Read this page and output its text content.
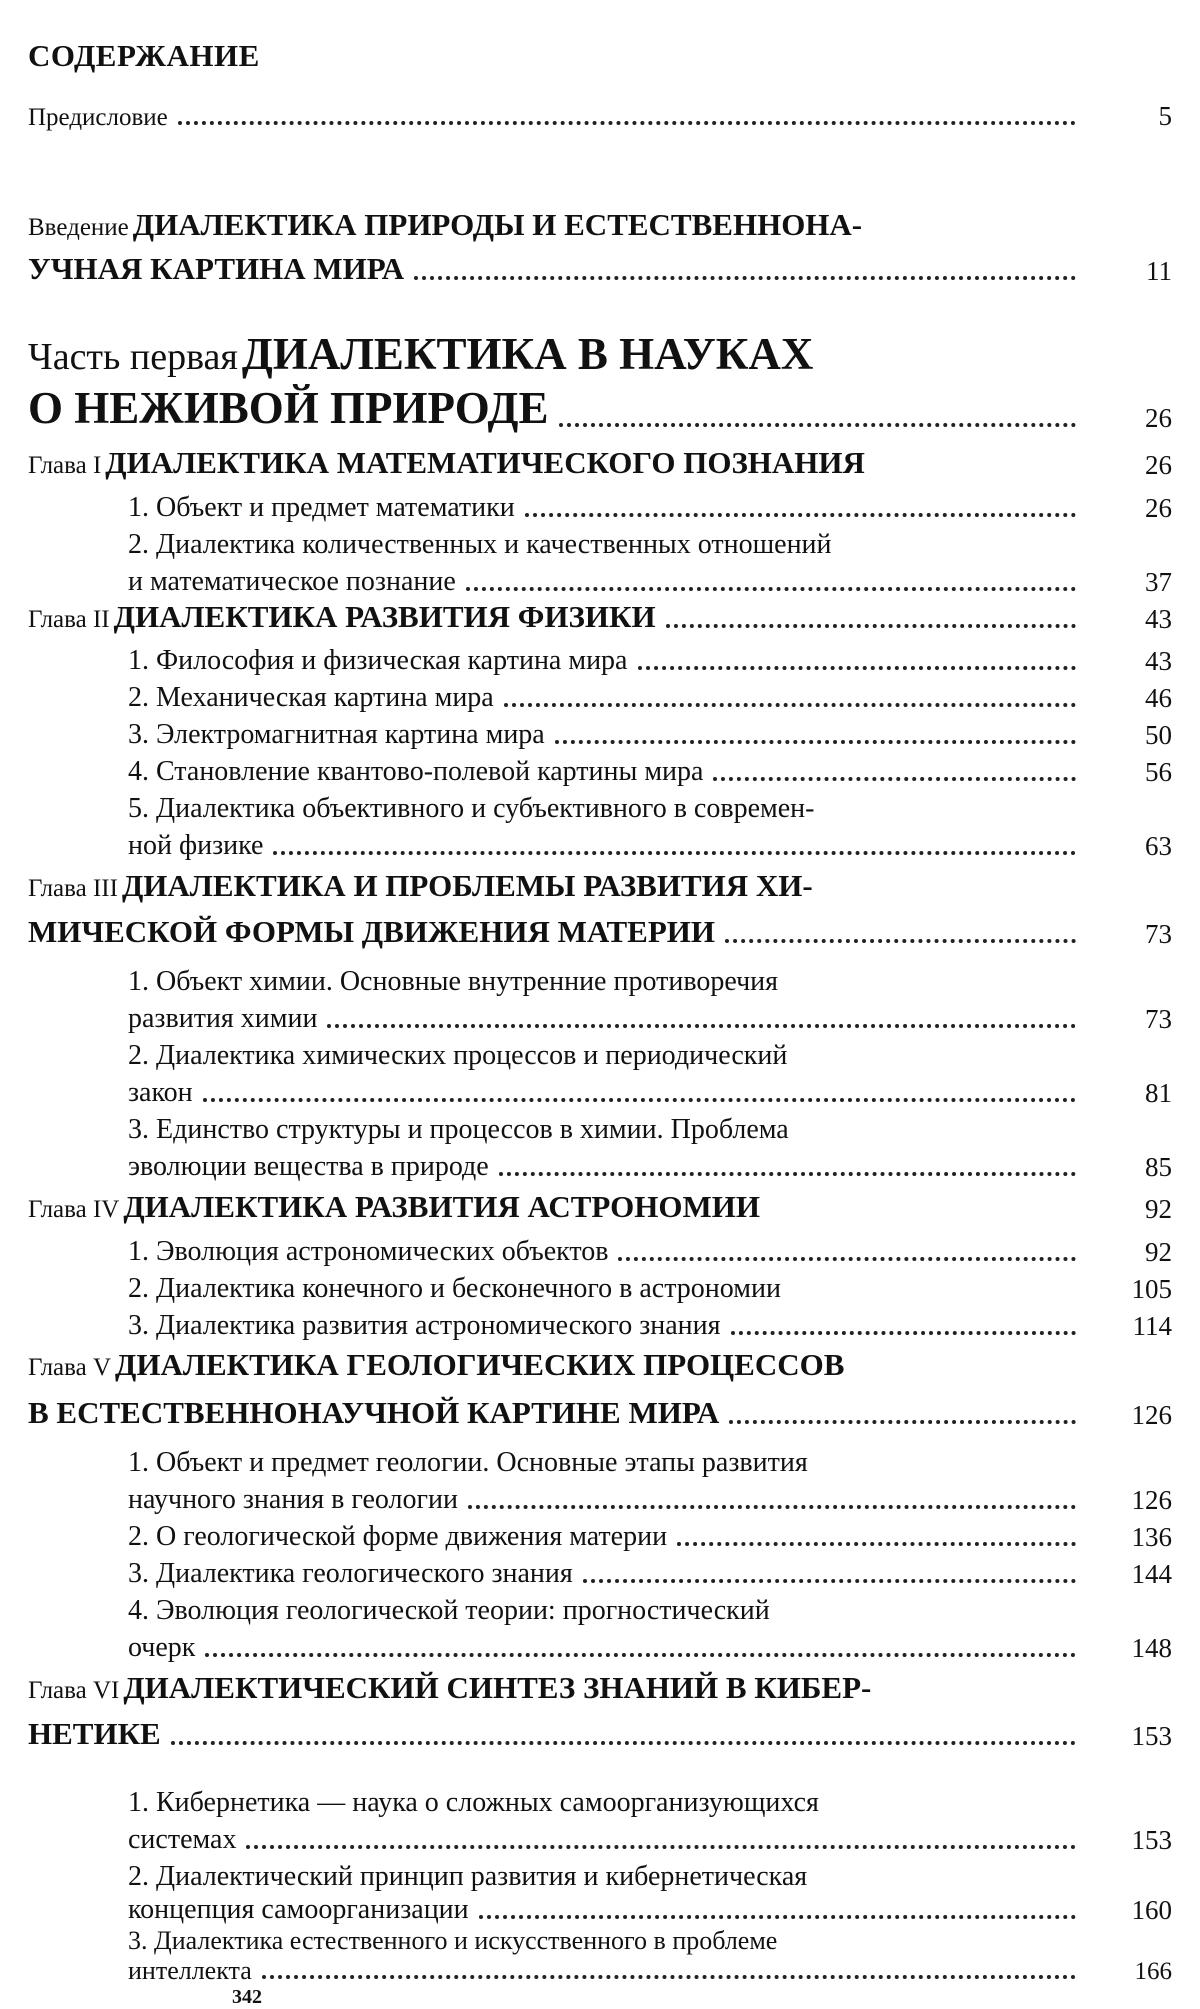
СОДЕРЖАНИЕ
Предисловие	5
Введение ДИАЛЕКТИКА ПРИРОДЫ И ЕСТЕСТВЕННОНА-
УЧНАЯ КАРТИНА МИРА	11
Часть первая ДИАЛЕКТИКА В НАУКАХ
О НЕЖИВОЙ ПРИРОДЕ	26
Глава I ДИАЛЕКТИКА МАТЕМАТИЧЕСКОГО ПОЗНАНИЯ	26
1. Объект и предмет математики	26
2. Диалектика количественных и качественных отношений
и математическое познание	37
Глава II ДИАЛЕКТИКА РАЗВИТИЯ ФИЗИКИ	43
1. Философия и физическая картина мира	43
2. Механическая картина мира	46
3. Электромагнитная картина мира	50
4. Становление квантово-полевой картины мира	56
5. Диалектика объективного и субъективного в современ-
ной физике	63
Глава III ДИАЛЕКТИКА И ПРОБЛЕМЫ РАЗВИТИЯ ХИ-
МИЧЕСКОЙ ФОРМЫ ДВИЖЕНИЯ МАТЕРИИ	73
1. Объект химии. Основные внутренние противоречия
развития химии	73
2. Диалектика химических процессов и периодический
закон	81
3. Единство структуры и процессов в химии. Проблема
эволюции вещества в природе	85
Глава IV ДИАЛЕКТИКА РАЗВИТИЯ АСТРОНОМИИ	92
1. Эволюция астрономических объектов	92
2. Диалектика конечного и бесконечного в астрономии	105
3. Диалектика развития астрономического знания	114
Глава V ДИАЛЕКТИКА ГЕОЛОГИЧЕСКИХ ПРОЦЕССОВ
В ЕСТЕСТВЕННОНАУЧНОЙ КАРТИНЕ МИРА	126
1. Объект и предмет геологии. Основные этапы развития
научного знания в геологии	126
2. О геологической форме движения материи	136
3. Диалектика геологического знания	144
4. Эволюция геологической теории: прогностический
очерк	148
Глава VI ДИАЛЕКТИЧЕСКИЙ СИНТЕЗ ЗНАНИЙ В КИБЕР-
НЕТИКЕ	153
1. Кибернетика — наука о сложных самоорганизующихся
системах	153
2. Диалектический принцип развития и кибернетическая
концепция самоорганизации	160
3. Диалектика естественного и искусственного в проблеме
интеллекта	166
342
